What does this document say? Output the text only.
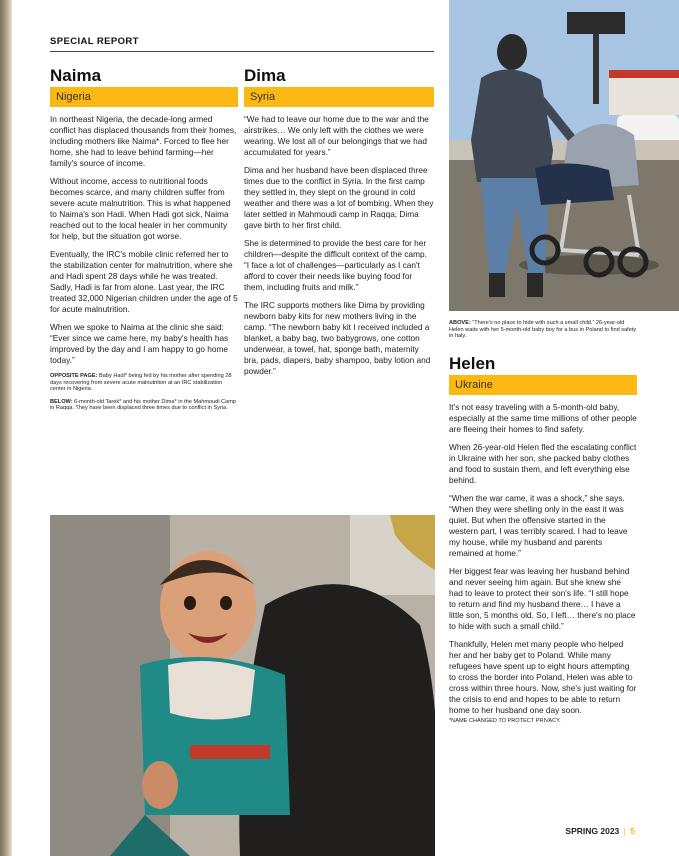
SPECIAL REPORT
Naima
Nigeria

In northeast Nigeria, the decade-long armed conflict has displaced thousands from their homes, including mothers like Naima*. Forced to flee her home, she had to leave behind farming—her family's source of income.

Without income, access to nutritional foods becomes scarce, and many children suffer from severe acute malnutrition. This is what happened to Naima's son Hadi. When Hadi got sick, Naima reached out to the local healer in her community for help, but the situation got worse.

Eventually, the IRC's mobile clinic referred her to the stabilization center for malnutrition, where she and Hadi spent 28 days while he was treated. Sadly, Hadi is far from alone. Last year, the IRC treated 32,000 Nigerian children under the age of 5 for acute malnutrition.

When we spoke to Naima at the clinic she said: “Ever since we came here, my baby's health has improved by the day and I am happy to go home today.”

OPPOSITE PAGE: Baby Hadi* being fed by his mother after spending 28 days recovering from severe acute malnutrition at an IRC stabilization center in Nigeria.
BELOW: 6-month-old Tarek* and his mother Dima* in the Mahmoudi Camp in Raqqa. They have been displaced three times due to conflict in Syria.
Dima
Syria

“We had to leave our home due to the war and the airstrikes… We only left with the clothes we were wearing. We lost all of our belongings that we had accumulated for years.”

Dima and her husband have been displaced three times due to the conflict in Syria. In the first camp they settled in, they slept on the ground in cold weather and there was a lot of bombing. When they later settled in Mahmoudi camp in Raqqa, Dima gave birth to her first child.

She is determined to provide the best care for her children—despite the difficult context of the camp. “I face a lot of challenges—particularly as I can't afford to cover their needs like buying food for them, including fruits and milk.”

The IRC supports mothers like Dima by providing newborn baby kits for new mothers living in the camp. “The newborn baby kit I received included a blanket, a baby bag, two babygrows, one cotton underwear, a towel, hat, sponge bath, maternity bra, pads, diapers, baby shampoo, baby lotion and powder.”

ABOVE: “There's no place to hide with such a small child.” 26-year-old Helen waits with her 5-month-old baby boy for a bus in Poland to find safety in Italy.
Helen
Ukraine

It's not easy traveling with a 5-month-old baby, especially at the same time millions of other people are fleeing their homes to find safety.

When 26-year-old Helen fled the escalating conflict in Ukraine with her son, she packed baby clothes and food to sustain them, and left everything else behind.

“When the war came, it was a shock,” she says. “When they were shelling only in the east it was quiet. But when the offensive started in the western part, I was terribly scared. I had to leave my house, while my husband and parents remained at home.”

Her biggest fear was leaving her husband behind and never seeing him again. But she knew she had to leave to protect their son's life. “I still hope to return and find my husband there… I have a little son, 5 months old. So, I left… there's no place to hide with such a small child.”

Thankfully, Helen met many people who helped her and her baby get to Poland. While many refugees have spent up to eight hours attempting to cross the border into Poland, Helen was able to cross within three hours. Now, she's just waiting for the crisis to end and hopes to be able to return home to her husband one day soon.

*NAME CHANGED TO PROTECT PRIVACY.
SPRING 2023 | 5
